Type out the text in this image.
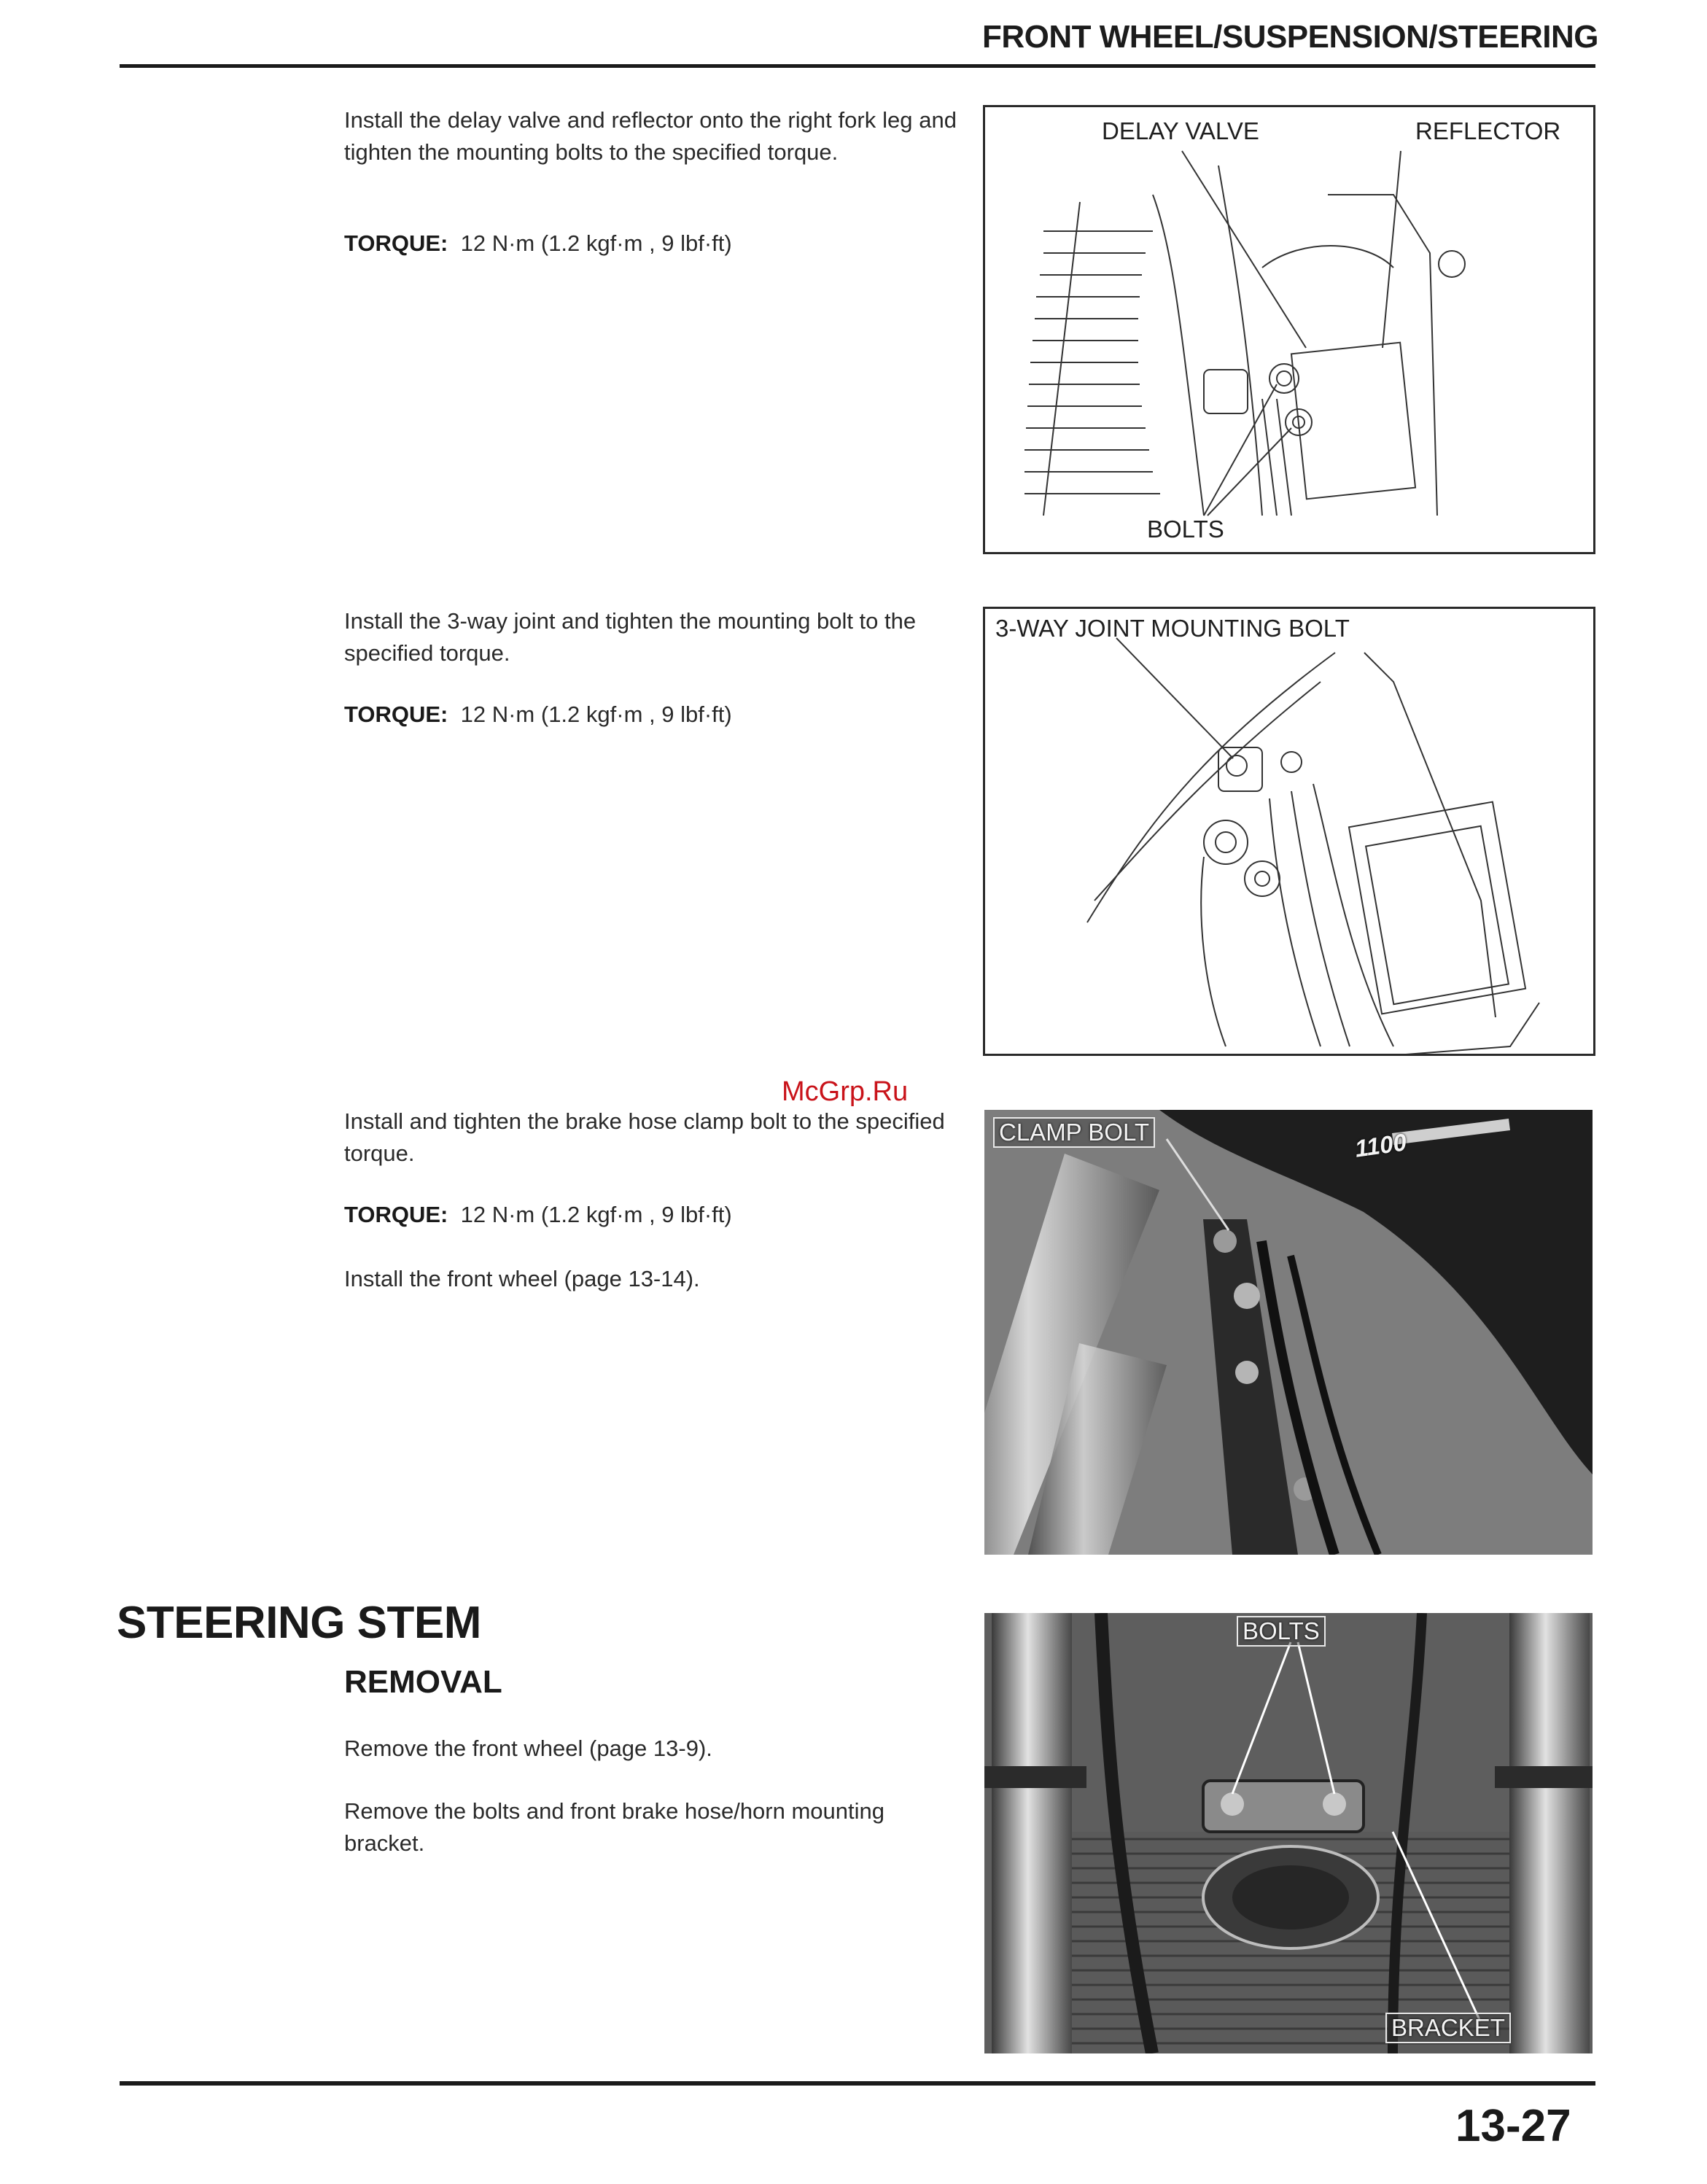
FRONT WHEEL/SUSPENSION/STEERING
Install the delay valve and reflector onto the right fork leg and tighten the mounting bolts to the specified torque.
TORQUE: 12 N·m (1.2 kgf·m , 9 lbf·ft)
DELAY VALVE	REFLECTOR
BOLTS
Install the 3-way joint and tighten the mounting bolt to the specified torque.
TORQUE: 12 N·m (1.2 kgf·m , 9 lbf·ft)
3-WAY JOINT MOUNTING BOLT
McGrp.Ru
Install and tighten the brake hose clamp bolt to the specified torque.
TORQUE: 12 N·m (1.2 kgf·m , 9 lbf·ft)
Install the front wheel (page 13-14).
CLAMP BOLT	1100
STEERING STEM
REMOVAL
Remove the front wheel (page 13-9).
Remove the bolts and front brake hose/horn mounting bracket.
BOLTS
BRACKET
13-27
